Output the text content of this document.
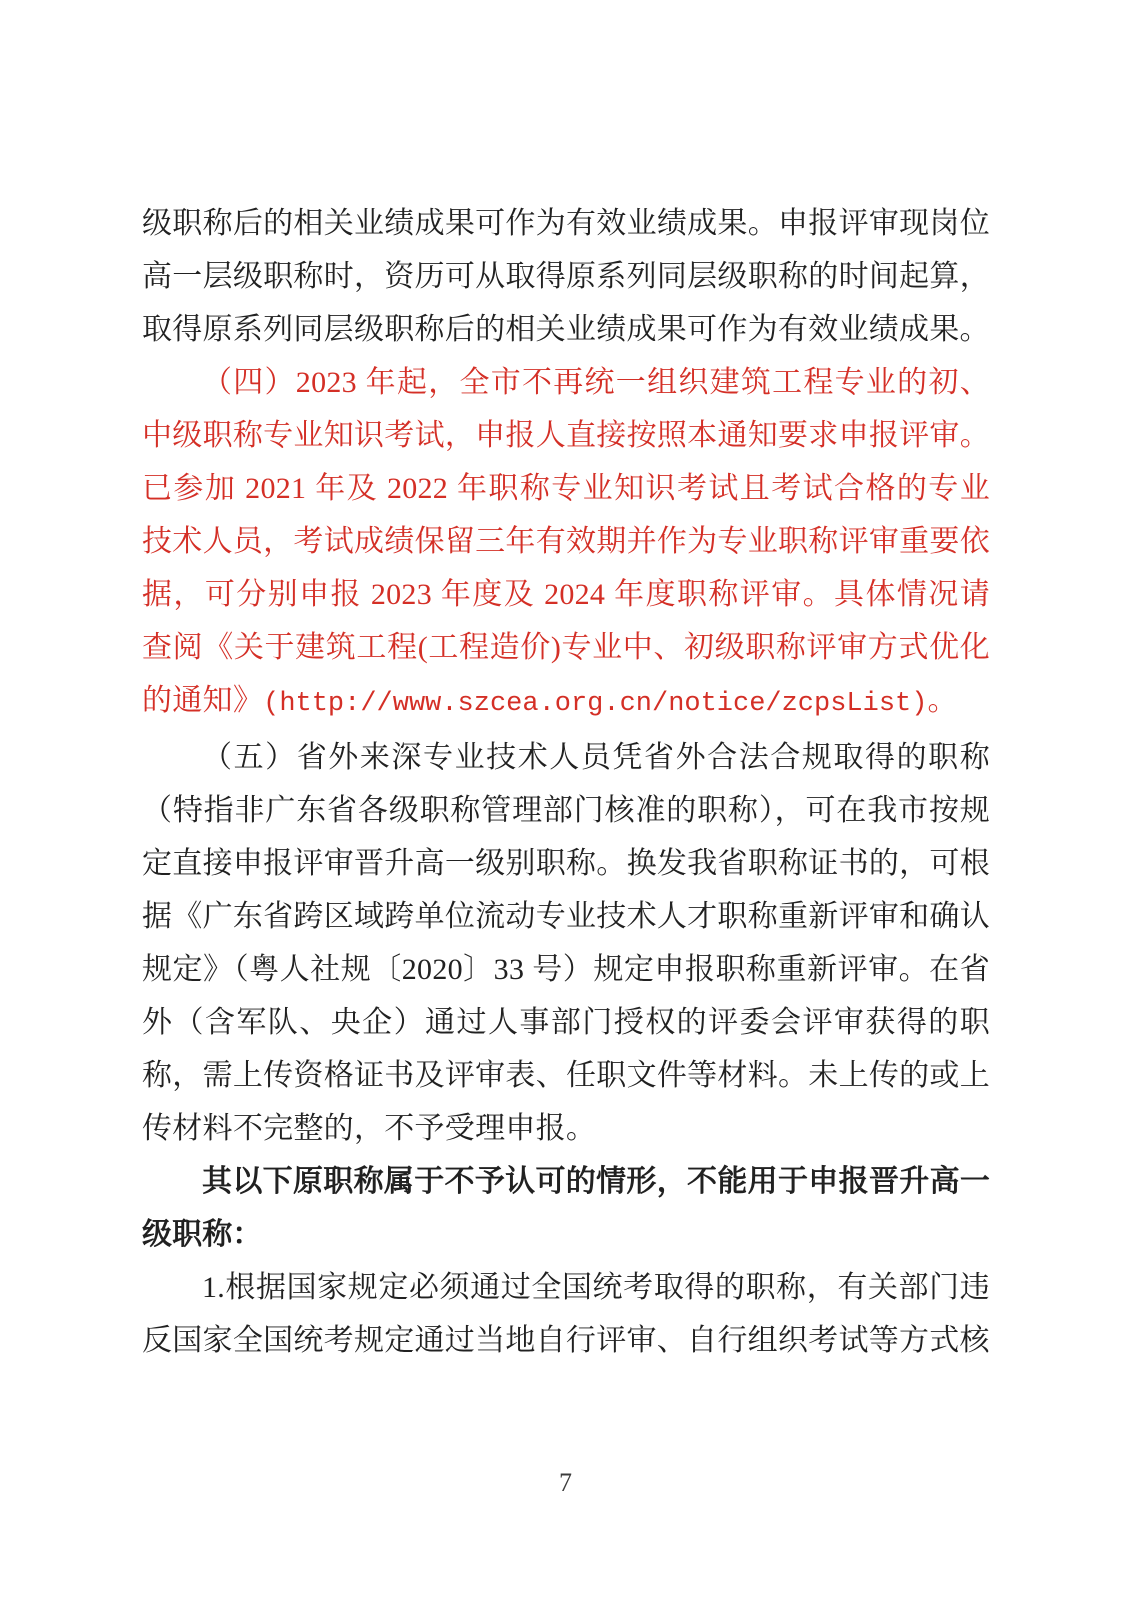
级职称后的相关业绩成果可作为有效业绩成果。申报评审现岗位高一层级职称时，资历可从取得原系列同层级职称的时间起算，取得原系列同层级职称后的相关业绩成果可作为有效业绩成果。

（四）2023 年起，全市不再统一组织建筑工程专业的初、中级职称专业知识考试，申报人直接按照本通知要求申报评审。已参加 2021 年及 2022 年职称专业知识考试且考试合格的专业技术人员，考试成绩保留三年有效期并作为专业职称评审重要依据，可分别申报 2023 年度及 2024 年度职称评审。具体情况请查阅《关于建筑工程(工程造价)专业中、初级职称评审方式优化的通知》(http://www.szcea.org.cn/notice/zcpsList)。

（五）省外来深专业技术人员凭省外合法合规取得的职称（特指非广东省各级职称管理部门核准的职称），可在我市按规定直接申报评审晋升高一级别职称。换发我省职称证书的，可根据《广东省跨区域跨单位流动专业技术人才职称重新评审和确认规定》（粤人社规〔2020〕33 号）规定申报职称重新评审。在省外（含军队、央企）通过人事部门授权的评委会评审获得的职称，需上传资格证书及评审表、任职文件等材料。未上传的或上传材料不完整的，不予受理申报。

其以下原职称属于不予认可的情形，不能用于申报晋升高一级职称：

1.根据国家规定必须通过全国统考取得的职称，有关部门违反国家全国统考规定通过当地自行评审、自行组织考试等方式核

7
